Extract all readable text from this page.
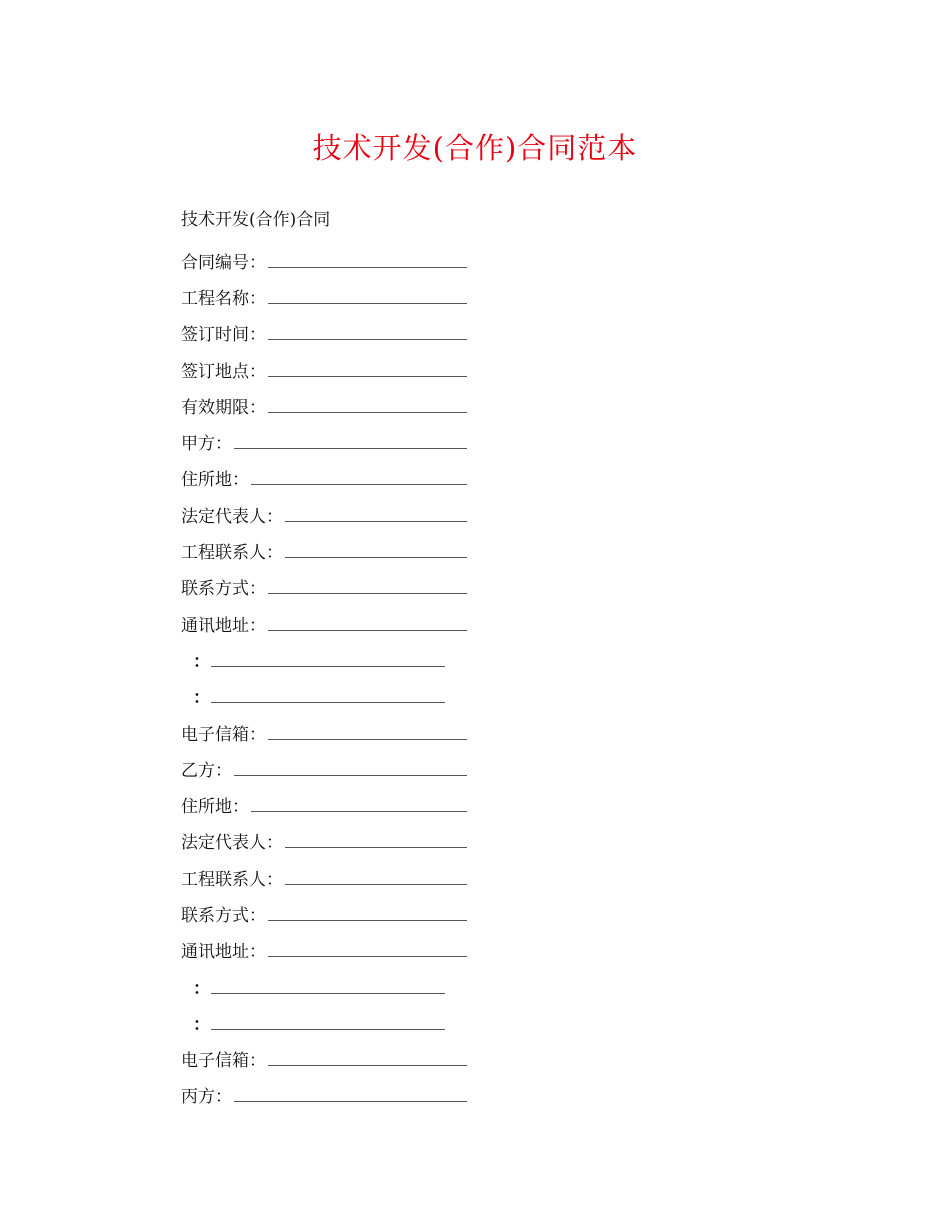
技术开发(合作)合同范本
技术开发(合作)合同
合同编号：
工程名称：
签订时间：
签订地点：
有效期限：
甲方：
住所地：
法定代表人：
工程联系人：
联系方式：
通讯地址：
：
：
电子信箱：
乙方：
住所地：
法定代表人：
工程联系人：
联系方式：
通讯地址：
：
：
电子信箱：
丙方：
